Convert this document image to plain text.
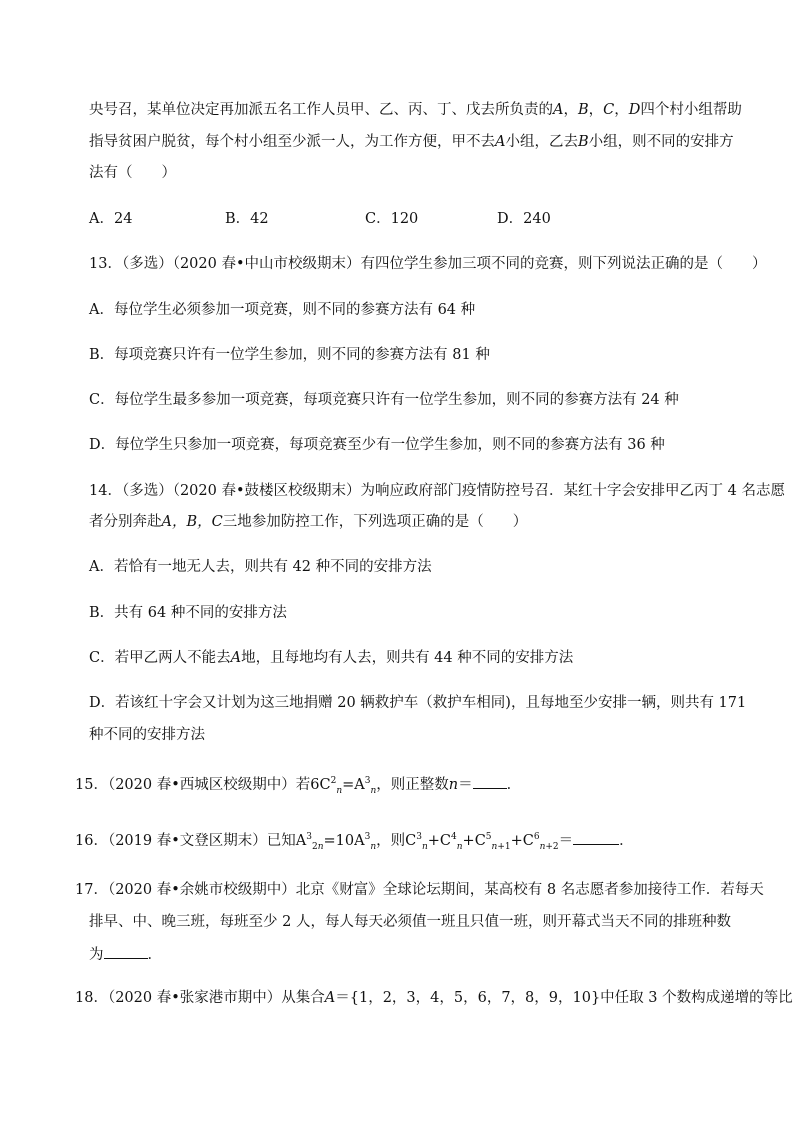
央号召，某单位决定再加派五名工作人员甲、乙、丙、丁、戊去所负责的A，B，C，D四个村小组帮助
指导贫困户脱贫，每个村小组至少派一人，为工作方便，甲不去A小组，乙去B小组，则不同的安排方
法有（　　）
A．24	B．42	C．120	D．240
13．（多选）（2020 春•中山市校级期末）有四位学生参加三项不同的竞赛，则下列说法正确的是（　　）
A．每位学生必须参加一项竞赛，则不同的参赛方法有 64 种
B．每项竞赛只许有一位学生参加，则不同的参赛方法有 81 种
C．每位学生最多参加一项竞赛，每项竞赛只许有一位学生参加，则不同的参赛方法有 24 种
D．每位学生只参加一项竞赛，每项竞赛至少有一位学生参加，则不同的参赛方法有 36 种
14．（多选）（2020 春•鼓楼区校级期末）为响应政府部门疫情防控号召．某红十字会安排甲乙丙丁 4 名志愿
者分别奔赴A，B，C三地参加防控工作，下列选项正确的是（　　）
A．若恰有一地无人去，则共有 42 种不同的安排方法
B．共有 64 种不同的安排方法
C．若甲乙两人不能去A地，且每地均有人去，则共有 44 种不同的安排方法
D．若该红十字会又计划为这三地捐赠 20 辆救护车（救护车相同)，且每地至少安排一辆，则共有 171
种不同的安排方法
15．（2020 春•西城区校级期中）若$6C^2_n=A^3_n$，则正整数n＝ ．
16．（2019 春•文登区期末）已知$A^3_{2n}=10A^3_n$，则$C^3_n+C^4_n+C^5_{n+1}+C^6_{n+2}=$	．
17．（2020 春•余姚市校级期中）北京《财富》全球论坛期间，某高校有 8 名志愿者参加接待工作．若每天
排早、中、晚三班，每班至少 2 人，每人每天必须值一班且只值一班，则开幕式当天不同的排班种数
为	．
18．（2020 春•张家港市期中）从集合A＝{1，2，3，4，5，6，7，8，9，10}中任取 3 个数构成递增的等比
